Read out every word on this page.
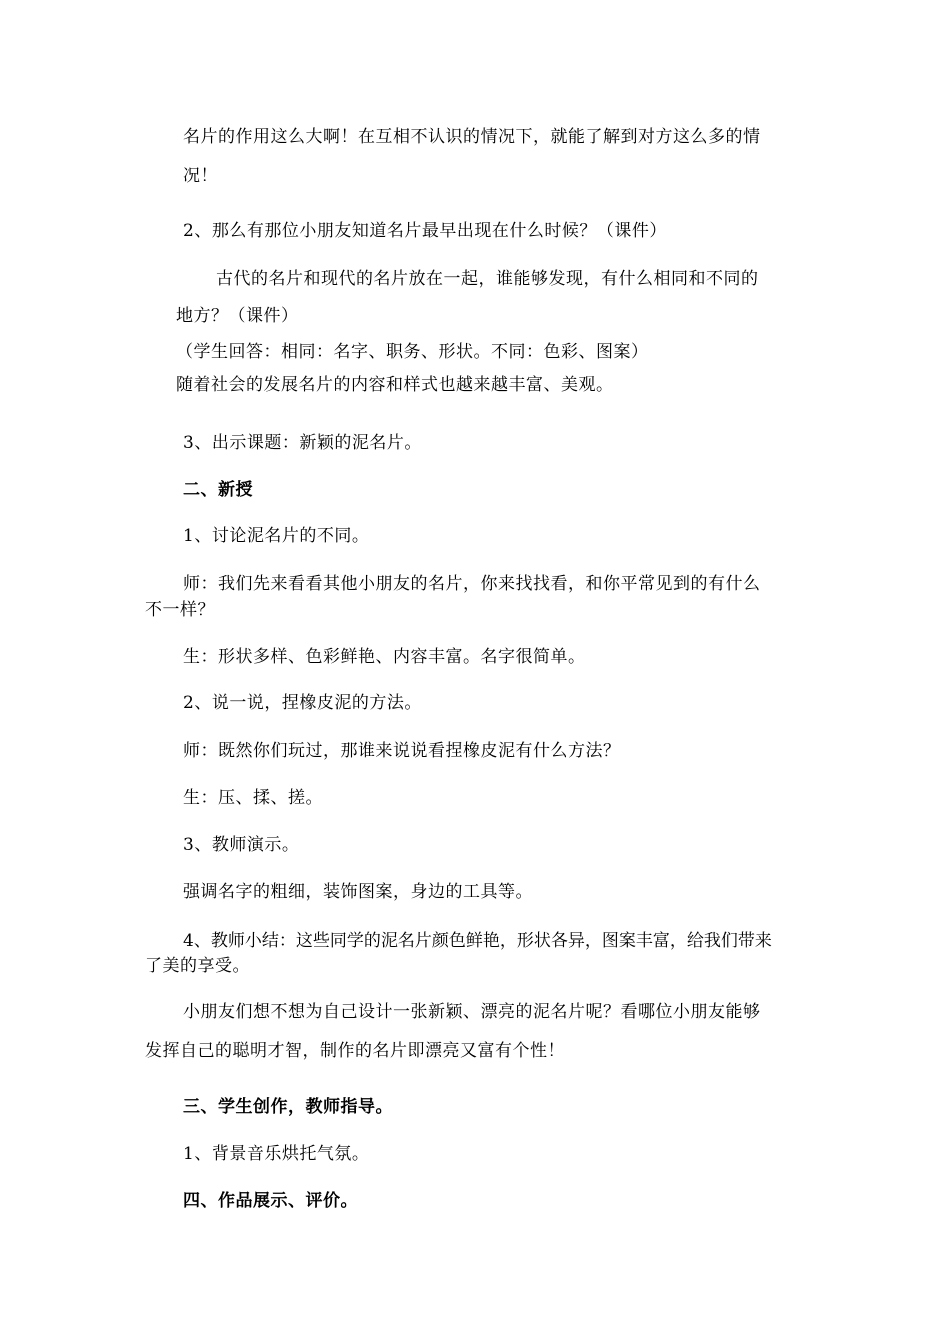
名片的作用这么大啊！在互相不认识的情况下，就能了解到对方这么多的情
况！
2、那么有那位小朋友知道名片最早出现在什么时候？（课件）
古代的名片和现代的名片放在一起，谁能够发现，有什么相同和不同的
地方？（课件）
（学生回答：相同：名字、职务、形状。不同：色彩、图案）
随着社会的发展名片的内容和样式也越来越丰富、美观。
3、出示课题：新颖的泥名片。
二、新授
1、讨论泥名片的不同。
师：我们先来看看其他小朋友的名片，你来找找看，和你平常见到的有什么
不一样？
生：形状多样、色彩鲜艳、内容丰富。名字很简单。
2、说一说，捏橡皮泥的方法。
师：既然你们玩过，那谁来说说看捏橡皮泥有什么方法？
生：压、揉、搓。
3、教师演示。
强调名字的粗细，装饰图案，身边的工具等。
4、教师小结：这些同学的泥名片颜色鲜艳，形状各异，图案丰富，给我们带来
了美的享受。
小朋友们想不想为自己设计一张新颖、漂亮的泥名片呢？看哪位小朋友能够
发挥自己的聪明才智，制作的名片即漂亮又富有个性！
三、学生创作，教师指导。
1、背景音乐烘托气氛。
四、作品展示、评价。
